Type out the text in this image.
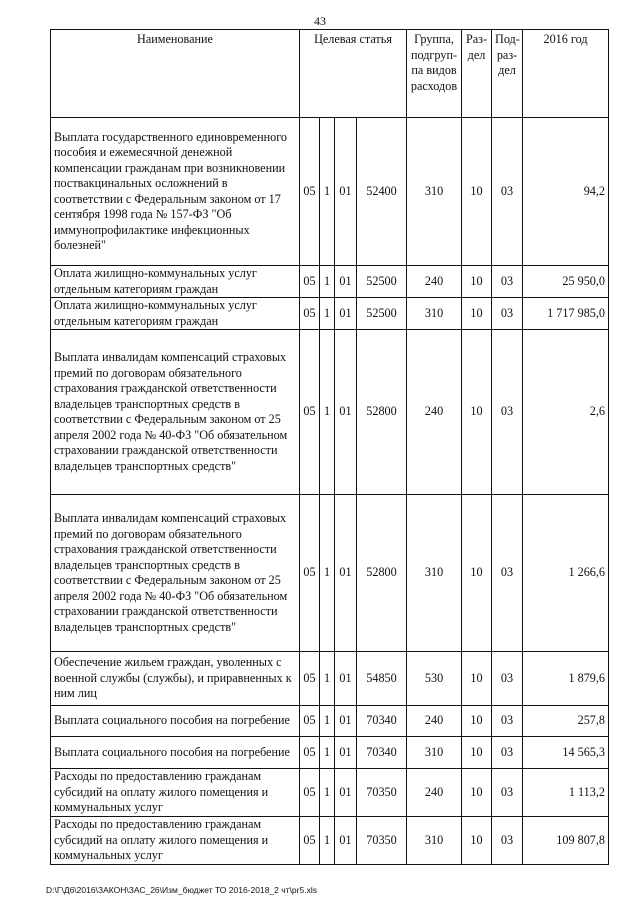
43
Наименование	Целевая статья				Группа, подгруп-па видов расходов	Раз-дел	Под-раз-дел	2016 год
Выплата государственного единовременного пособия и ежемесячной денежной компенсации гражданам при возникновении поствакцинальных осложнений в соответствии с Федеральным законом от 17 сентября 1998 года № 157-ФЗ "Об иммунопрофилактике инфекционных болезней"	05	1	01	52400	310	10	03	94,2
Оплата жилищно-коммунальных услуг отдельным категориям граждан	05	1	01	52500	240	10	03	25 950,0
Оплата жилищно-коммунальных услуг отдельным категориям граждан	05	1	01	52500	310	10	03	1 717 985,0
Выплата инвалидам компенсаций страховых премий по договорам обязательного страхования гражданской ответственности владельцев транспортных средств в соответствии с Федеральным законом от 25 апреля 2002 года № 40-ФЗ "Об обязательном страховании гражданской ответственности владельцев транспортных средств"	05	1	01	52800	240	10	03	2,6
Выплата инвалидам компенсаций страховых премий по договорам обязательного страхования гражданской ответственности владельцев транспортных средств в соответствии с Федеральным законом от 25 апреля 2002 года № 40-ФЗ "Об обязательном страховании гражданской ответственности владельцев транспортных средств"	05	1	01	52800	310	10	03	1 266,6
Обеспечение жильем граждан, уволенных с военной службы (службы), и приравненных к ним лиц	05	1	01	54850	530	10	03	1 879,6
Выплата социального пособия на погребение	05	1	01	70340	240	10	03	257,8
Выплата социального пособия на погребение	05	1	01	70340	310	10	03	14 565,3
Расходы по предоставлению гражданам субсидий на оплату жилого помещения и коммунальных услуг	05	1	01	70350	240	10	03	1 113,2
Расходы по предоставлению гражданам субсидий на оплату жилого помещения и коммунальных услуг	05	1	01	70350	310	10	03	109 807,8
D:\Г\Д6\2016\ЗАКОН\ЗАС_26\Изм_бюджет ТО 2016-2018_2 чт\pr5.xls
